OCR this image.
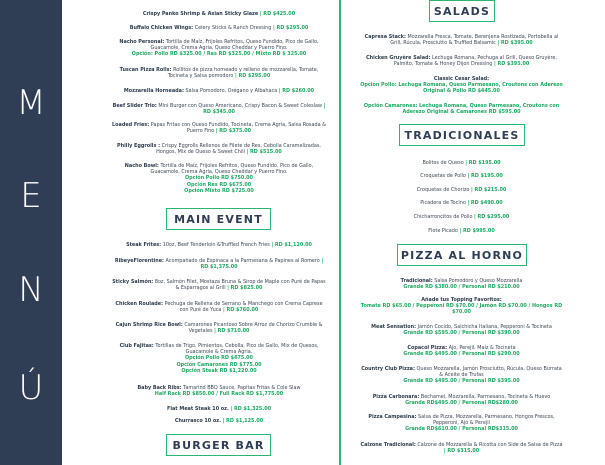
M
E
N
Ú
Crispy Panko Shrimp & Asian Sticky Glaze | RD $425.00
Buffalo Chicken Wings: Celery Sticks & Ranch Dressing | RD $295.00

Nacho Personal: Tortilla de Maíz, Frijoles Refritos, Queso Fundido, Pico de Gallo, Guacamole, Crema Agria, Queso Cheddar y Puerro Fino.

Opción: Pollo RD $325.00 / Res RD $325.00 / Mixto RD $ 325.00

Tuscan Pizza Rolls: Rollitos de pizza horneado y relleno de mozzarella, Tomate, Tocineta y Salsa pomodoro | RD $295.00
Mozzarella Horneada: Salsa Pomodoro, Orégano y Albahaca | RD $260.00
Beef Slider Trio: Mini Burger con Queso Americano, Crispy Bacon & Sweet Coleslaw | RD $345.00
Loaded Fries: Papas Fritas con Queso Fundido, Tocineta, Crema Agria, Salsa Rosada & Puerro Fino | RD $375.00
Philly Eggrolls : Crispy Eggrolls Rellenos de Filete de Res, Cebolla Caramelizadas, Hongos, Mix de Queso & Sweet Chili | RD $515.00

Nacho Bowl: Tortilla de Maíz, Frijoles Refritos, Queso Fundido, Pico de Gallo, Guacamole, Crema Agria, Queso Cheddar y Puerro Fino.

Opción Pollo RD $750.00

Opción Res RD $675.00

Opción Mixto RD $725.00

MAIN EVENT
Steak Frites: 10oz, Beef Tenderloin &Truffled French Fries | RD $1,120.00
RibeyeFlorentine: Acompañado de Espinaca a la Parmesana & Papines al Romero | RD $1,375.00
Sticky Salmón: 8oz, Salmón Filet, Mostaza Bruna & Sirop de Maple con Puré de Papas & Esparragos al Grill | RD $825.00
Chicken Roulade: Pechuga de Rellena de Serrano & Manchego con Crema Caprese con Puré de Yuca | RD $760.00
Cajun Shrimp Rice Bowl: Camarones Picantoso Sobre Arroz de Chorizo Crumble & Vegetales | RD $710.00

Club Fajitas: Tortillas de Trigo, Pimientos, Cebolla, Pico de Gallo, Mix de Quesos, Guacamole & Crema Agria.

Opción Pollo RD $675.00

Opción Camarones RD $775.00

Opción Steak RD $1,220.00

Baby Back Ribs: Tamarind BBQ Sauce, Papitas Fritas & Cole Slaw

Half Rack RD $850.00 / Full Rack RD $1,775.00

Flat Meat Steak 10 oz. | RD $1,325.00
Churrasco 10 oz. | RD $1,125.00
BURGER BAR
SALADS
Capresa Stack: Mozzarella Fresca, Tomate, Berenjena Rostizada, Portobella al Grill, Rúcula, Prosciutto & Truffled Balsamic | RD $395.00
Chicken Gruyère Salad: Lechuga Romana, Pechuga al Grill, Queso Gruyère, Palmito, Tomate & Honey Dijon Dressing | RD $395.00

Classic Cesar Salad:

Opción Pollo: Lechuga Romana, Queso Parmesano, Croutons con Aderezo Original & Pollo RD $445.00

Opción Camarones: Lechuga Romana, Queso Parmesano, Croutons con Aderezo Original & Camarones RD $595.00

TRADICIONALES
Bolitos de Queso | RD $195.00
Croquetas de Pollo | RD $195.00
Croquetas de Chorizo | RD $215.00
Picadera de Tocino | RD $490.00
Chicharroncitos de Pollo | RD $295.00
Flote Picado | RD $995.00
PIZZA AL HORNO

Tradicional: Salsa Pomodoro y Queso Mozzarella

Grande RD $380.00 / Personal RD $210.00

Añade tus Topping Favoritos:

Tomate RD $65.00 / Pepperoni RD $70.00 / Jamón RD $70.00 / Hongos RD $70.00

Meat Sensation: Jamón Cocido, Salchicha Italiana, Pepperoni & Tocineta

Grande RD $595.00 / Personal RD $390.00

Copacol Pizza: Ajo, Perejil, Maíz & Tocineta

Grande RD $495.00 / Personal RD $290.00

Country Club Pizza: Queso Mozzarella, Jamón Prosciutto, Rúcula, Queso Burrata & Aceite de Trufas

Grande RD $495.00 / Personal RD $395.00

Pizza Carbonara: Bechamel, Mozzarella, Parmesano, Tocineta & Huevo

Grande RD$495.00 / Personal RD$280.00

Pizza Campesina: Salsa de Pizza, Mozzarella, Parmesano, Hongos Frescos, Pepperoni, Ajo & Perejil

Grande RD$610.00 / Personal RD$315.00

Calzone Tradicional: Calzone de Mozzarella & Ricotta con Side de Salsa de Pizza | RD $315.00
